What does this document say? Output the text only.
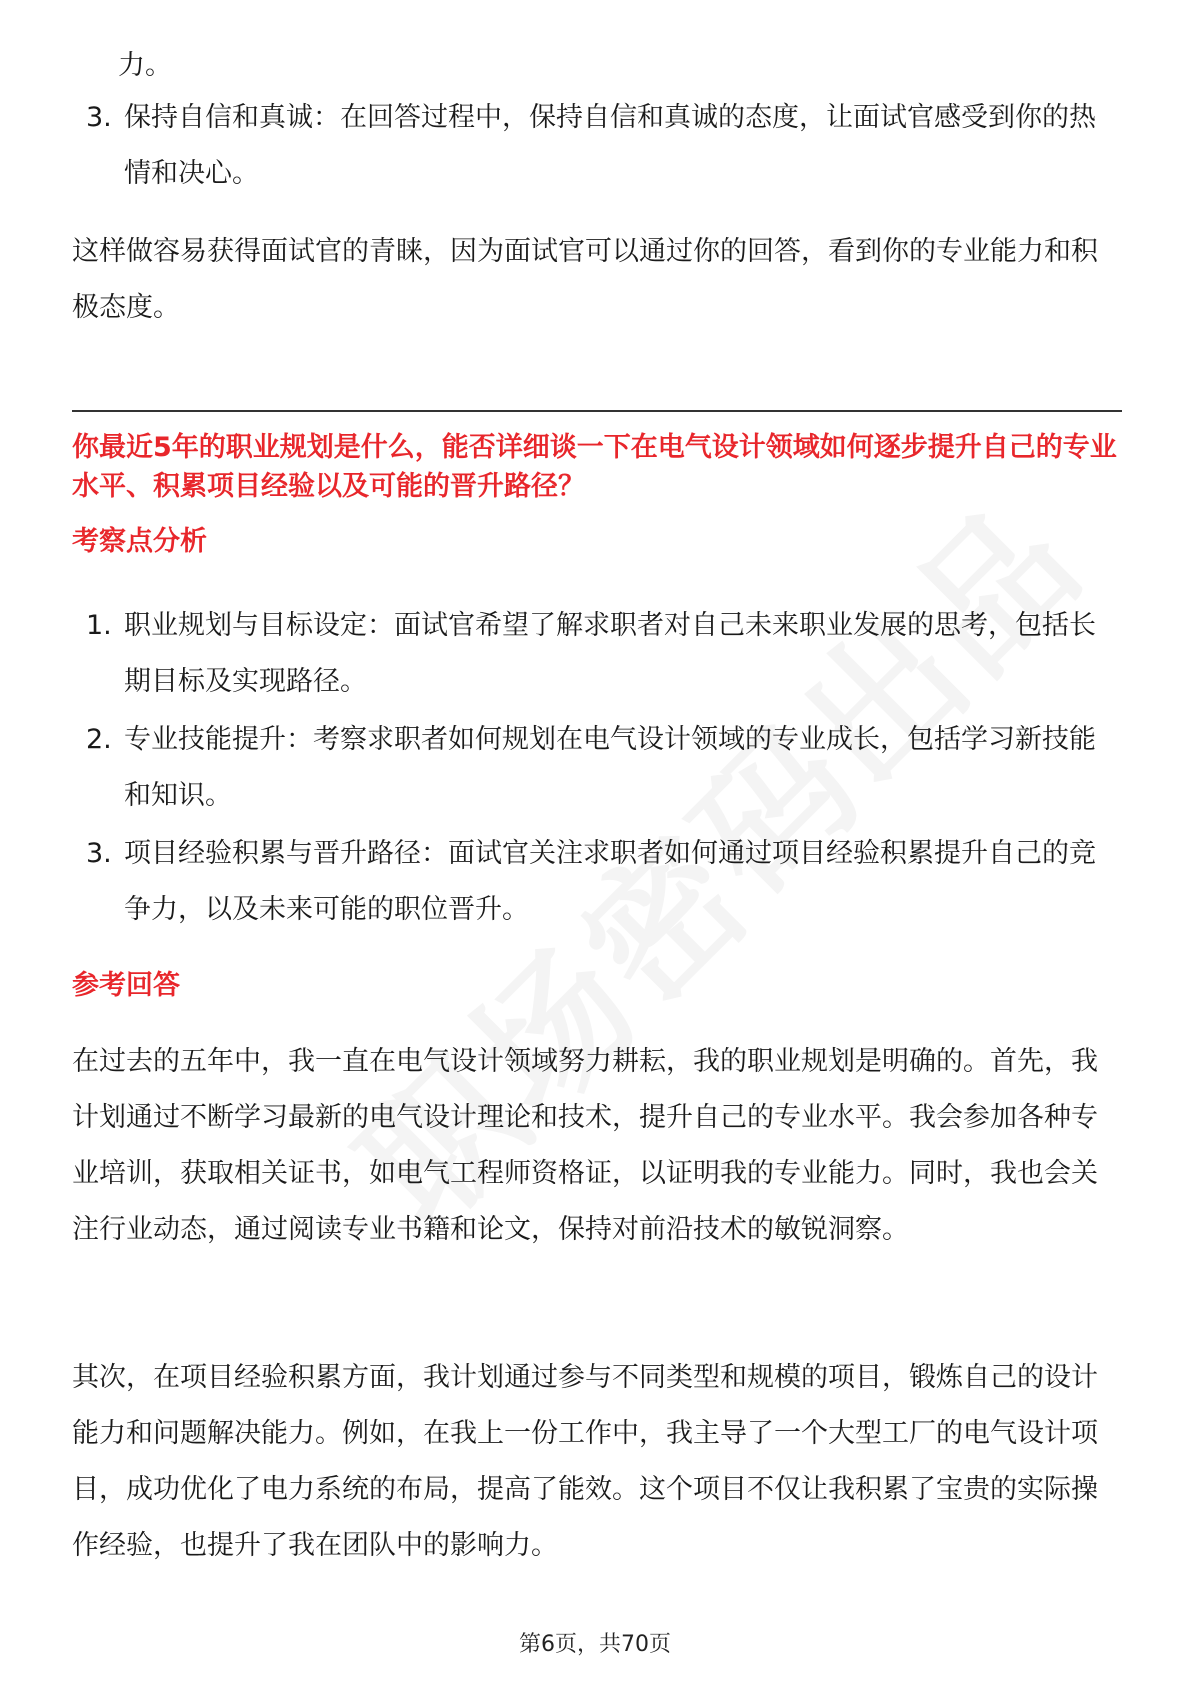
力。

3. 保持自信和真诚：在回答过程中，保持自信和真诚的态度，让面试官感受到你的热情和决心。

这样做容易获得面试官的青睐，因为面试官可以通过你的回答，看到你的专业能力和积极态度。

你最近5年的职业规划是什么，能否详细谈一下在电气设计领域如何逐步提升自己的专业水平、积累项目经验以及可能的晋升路径？
考察点分析
1. 职业规划与目标设定：面试官希望了解求职者对自己未来职业发展的思考，包括长期目标及实现路径。
2. 专业技能提升：考察求职者如何规划在电气设计领域的专业成长，包括学习新技能和知识。
3. 项目经验积累与晋升路径：面试官关注求职者如何通过项目经验积累提升自己的竞争力，以及未来可能的职位晋升。
参考回答

在过去的五年中，我一直在电气设计领域努力耕耘，我的职业规划是明确的。首先，我计划通过不断学习最新的电气设计理论和技术，提升自己的专业水平。我会参加各种专业培训，获取相关证书，如电气工程师资格证，以证明我的专业能力。同时，我也会关注行业动态，通过阅读专业书籍和论文，保持对前沿技术的敏锐洞察。

其次，在项目经验积累方面，我计划通过参与不同类型和规模的项目，锻炼自己的设计能力和问题解决能力。例如，在我上一份工作中，我主导了一个大型工厂的电气设计项目，成功优化了电力系统的布局，提高了能效。这个项目不仅让我积累了宝贵的实际操作经验，也提升了我在团队中的影响力。

第6页，共70页
